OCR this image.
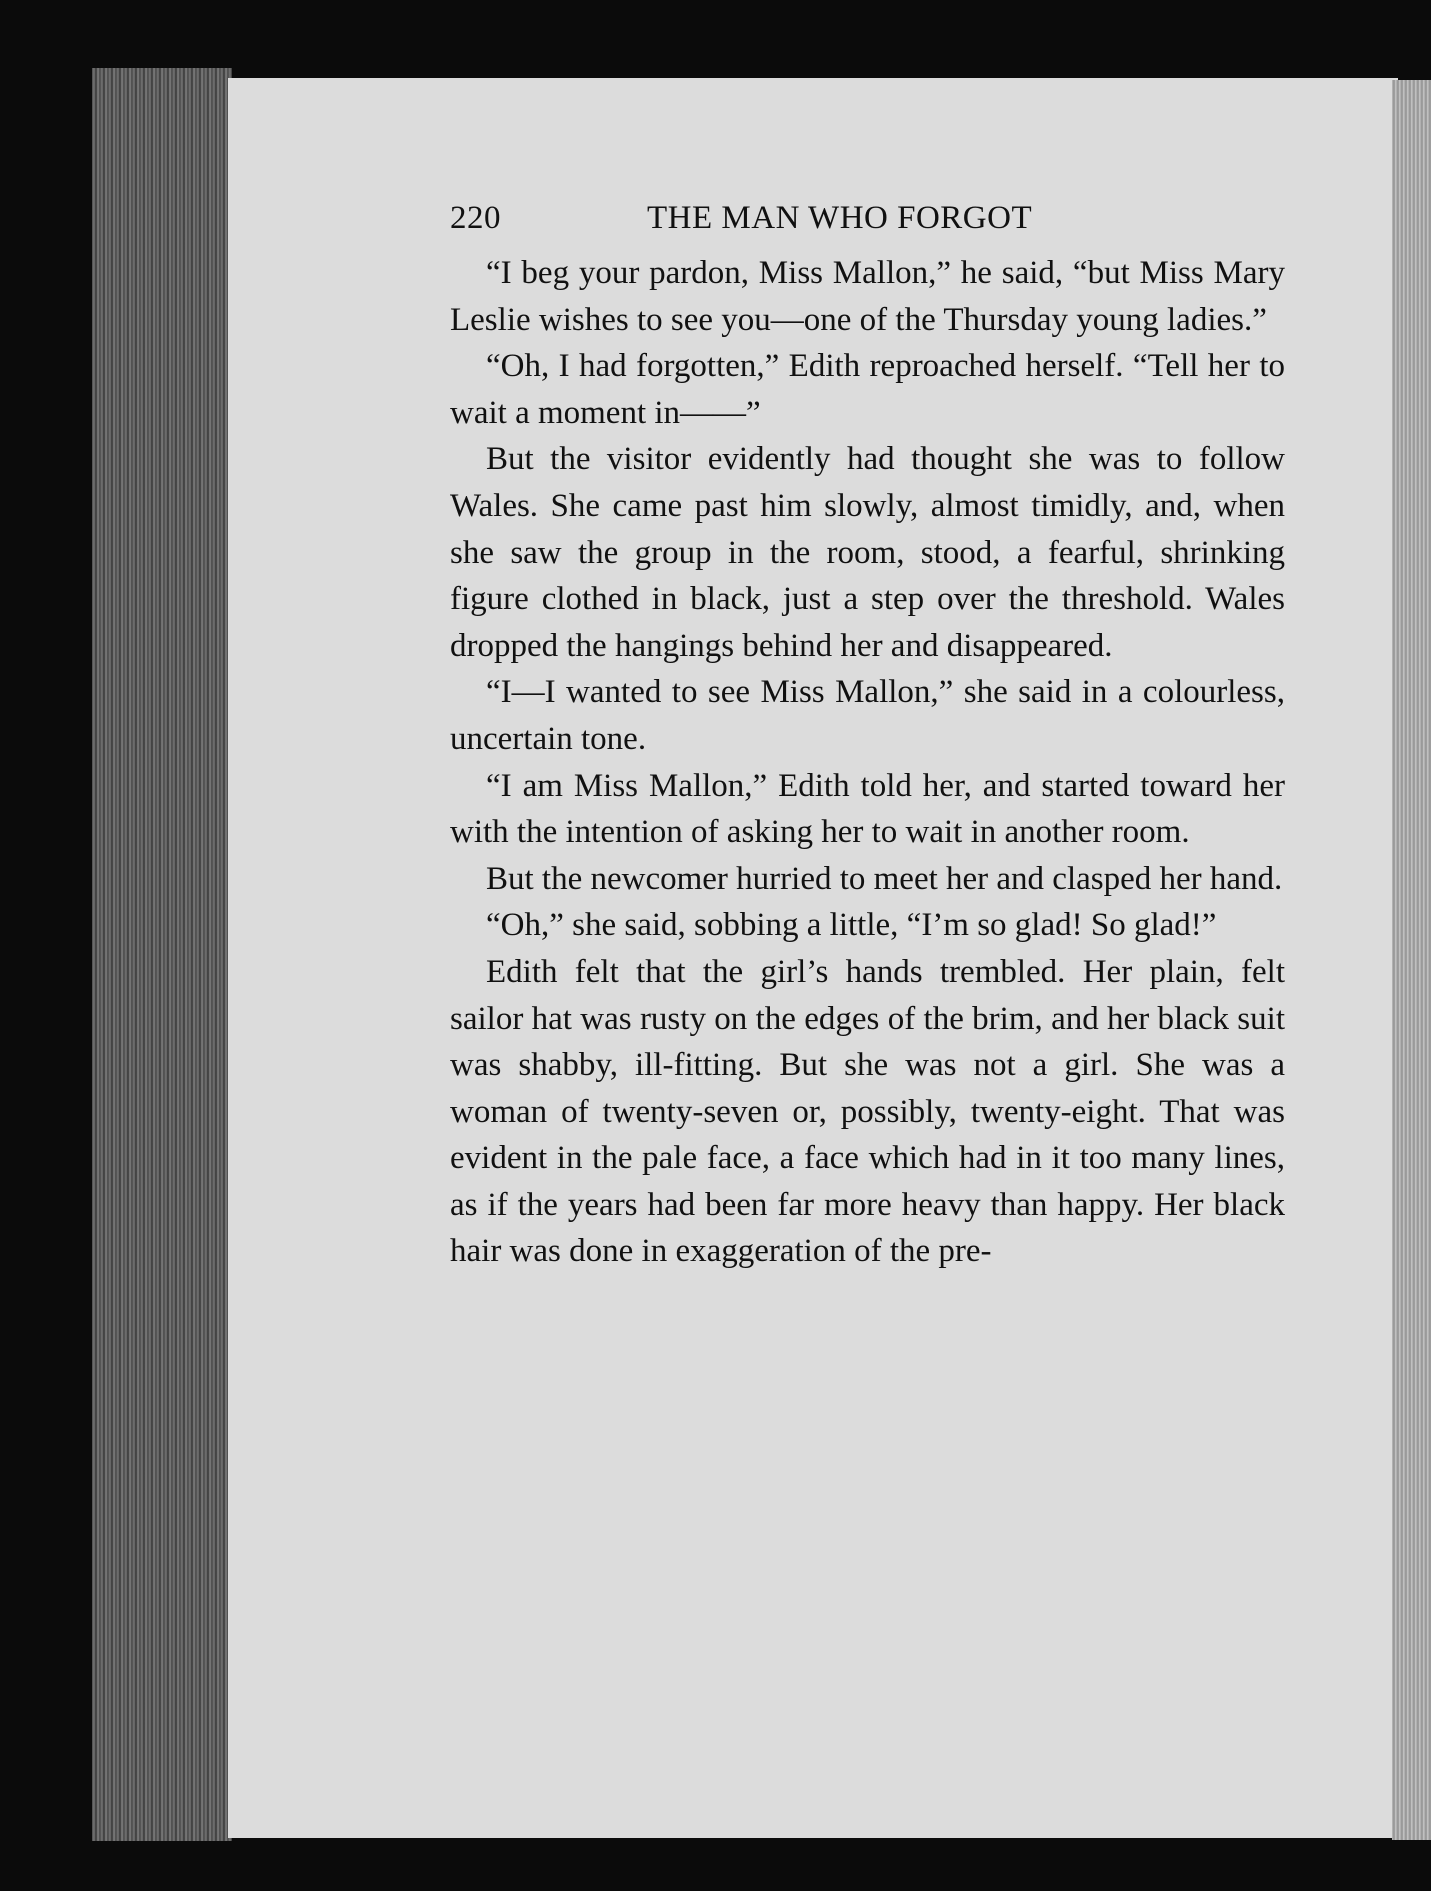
220	THE MAN WHO FORGOT

“I beg your pardon, Miss Mallon,” he said, “but Miss Mary Leslie wishes to see you—one of the Thursday young ladies.”

“Oh, I had forgotten,” Edith reproached herself. “Tell her to wait a moment in——”

But the visitor evidently had thought she was to follow Wales. She came past him slowly, almost timidly, and, when she saw the group in the room, stood, a fearful, shrinking figure clothed in black, just a step over the threshold. Wales dropped the hangings behind her and disappeared.

“I—I wanted to see Miss Mallon,” she said in a colourless, uncertain tone.

“I am Miss Mallon,” Edith told her, and started toward her with the intention of asking her to wait in another room.

But the newcomer hurried to meet her and clasped her hand.

“Oh,” she said, sobbing a little, “I’m so glad! So glad!”

Edith felt that the girl’s hands trembled. Her plain, felt sailor hat was rusty on the edges of the brim, and her black suit was shabby, ill-fitting. But she was not a girl. She was a woman of twenty-seven or, possibly, twenty-eight. That was evident in the pale face, a face which had in it too many lines, as if the years had been far more heavy than happy. Her black hair was done in exaggeration of the pre-
